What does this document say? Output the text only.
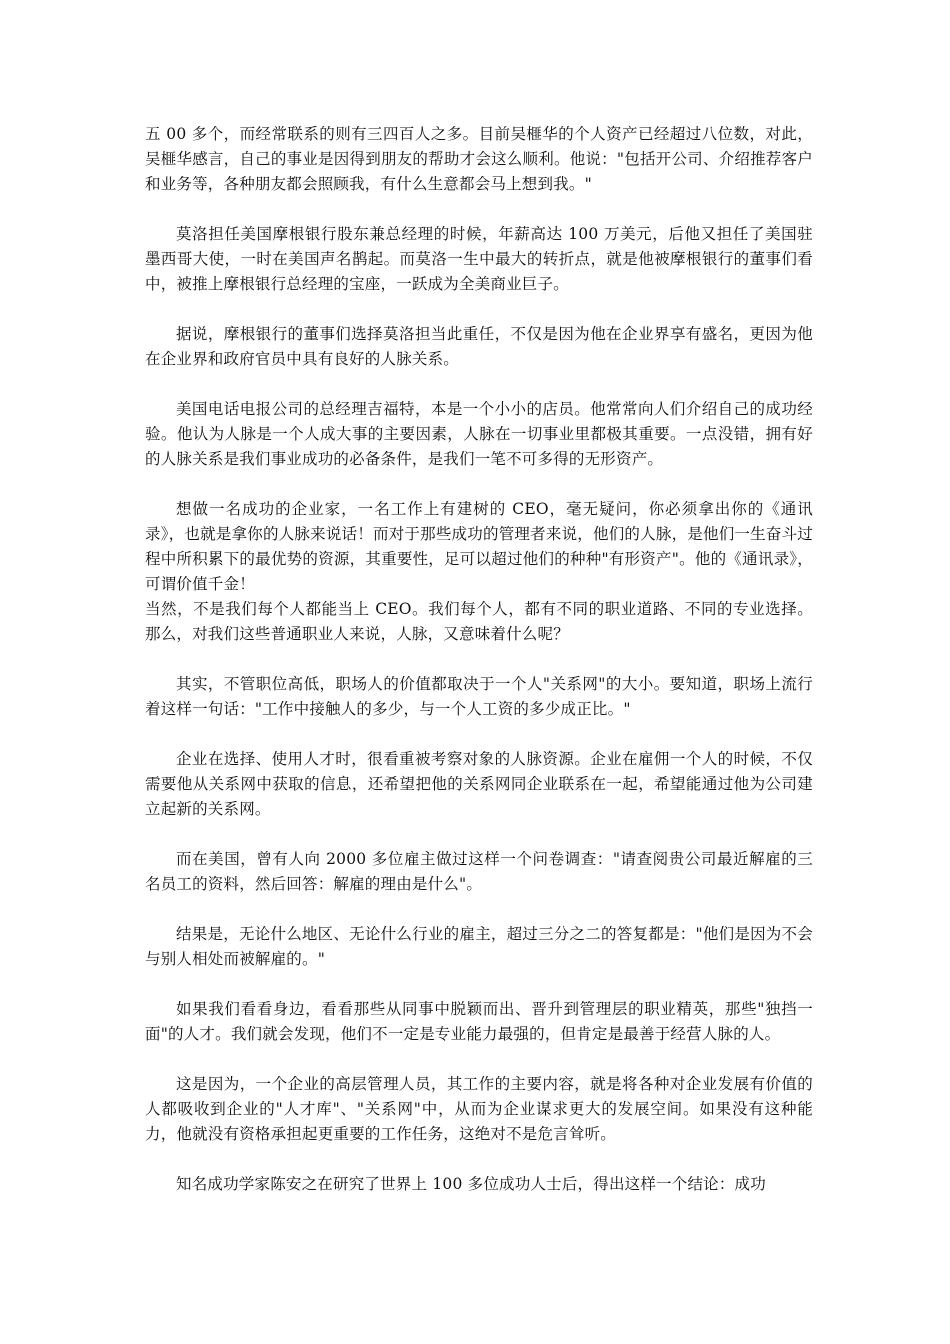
五 00 多个，而经常联系的则有三四百人之多。目前吴榧华的个人资产已经超过八位数，对此，吴榧华感言，自己的事业是因得到朋友的帮助才会这么顺利。他说："包括开公司、介绍推荐客户和业务等，各种朋友都会照顾我，有什么生意都会马上想到我。"

莫洛担任美国摩根银行股东兼总经理的时候，年薪高达 100 万美元，后他又担任了美国驻墨西哥大使，一时在美国声名鹊起。而莫洛一生中最大的转折点，就是他被摩根银行的董事们看中，被推上摩根银行总经理的宝座，一跃成为全美商业巨子。

据说，摩根银行的董事们选择莫洛担当此重任，不仅是因为他在企业界享有盛名，更因为他在企业界和政府官员中具有良好的人脉关系。

美国电话电报公司的总经理吉福特，本是一个小小的店员。他常常向人们介绍自己的成功经验。他认为人脉是一个人成大事的主要因素，人脉在一切事业里都极其重要。一点没错，拥有好的人脉关系是我们事业成功的必备条件，是我们一笔不可多得的无形资产。

想做一名成功的企业家，一名工作上有建树的 CEO，毫无疑问，你必须拿出你的《通讯录》，也就是拿你的人脉来说话！而对于那些成功的管理者来说，他们的人脉，是他们一生奋斗过程中所积累下的最优势的资源，其重要性，足可以超过他们的种种"有形资产"。他的《通讯录》，可谓价值千金！

当然，不是我们每个人都能当上 CEO。我们每个人，都有不同的职业道路、不同的专业选择。那么，对我们这些普通职业人来说，人脉，又意味着什么呢？

其实，不管职位高低，职场人的价值都取决于一个人"关系网"的大小。要知道，职场上流行着这样一句话："工作中接触人的多少，与一个人工资的多少成正比。"

企业在选择、使用人才时，很看重被考察对象的人脉资源。企业在雇佣一个人的时候，不仅需要他从关系网中获取的信息，还希望把他的关系网同企业联系在一起，希望能通过他为公司建立起新的关系网。

而在美国，曾有人向 2000 多位雇主做过这样一个问卷调查："请查阅贵公司最近解雇的三名员工的资料，然后回答：解雇的理由是什么"。

结果是，无论什么地区、无论什么行业的雇主，超过三分之二的答复都是："他们是因为不会与别人相处而被解雇的。"

如果我们看看身边，看看那些从同事中脱颖而出、晋升到管理层的职业精英，那些"独挡一面"的人才。我们就会发现，他们不一定是专业能力最强的，但肯定是最善于经营人脉的人。

这是因为，一个企业的高层管理人员，其工作的主要内容，就是将各种对企业发展有价值的人都吸收到企业的"人才库"、"关系网"中，从而为企业谋求更大的发展空间。如果没有这种能力，他就没有资格承担起更重要的工作任务，这绝对不是危言耸听。

知名成功学家陈安之在研究了世界上 100 多位成功人士后，得出这样一个结论：成功
